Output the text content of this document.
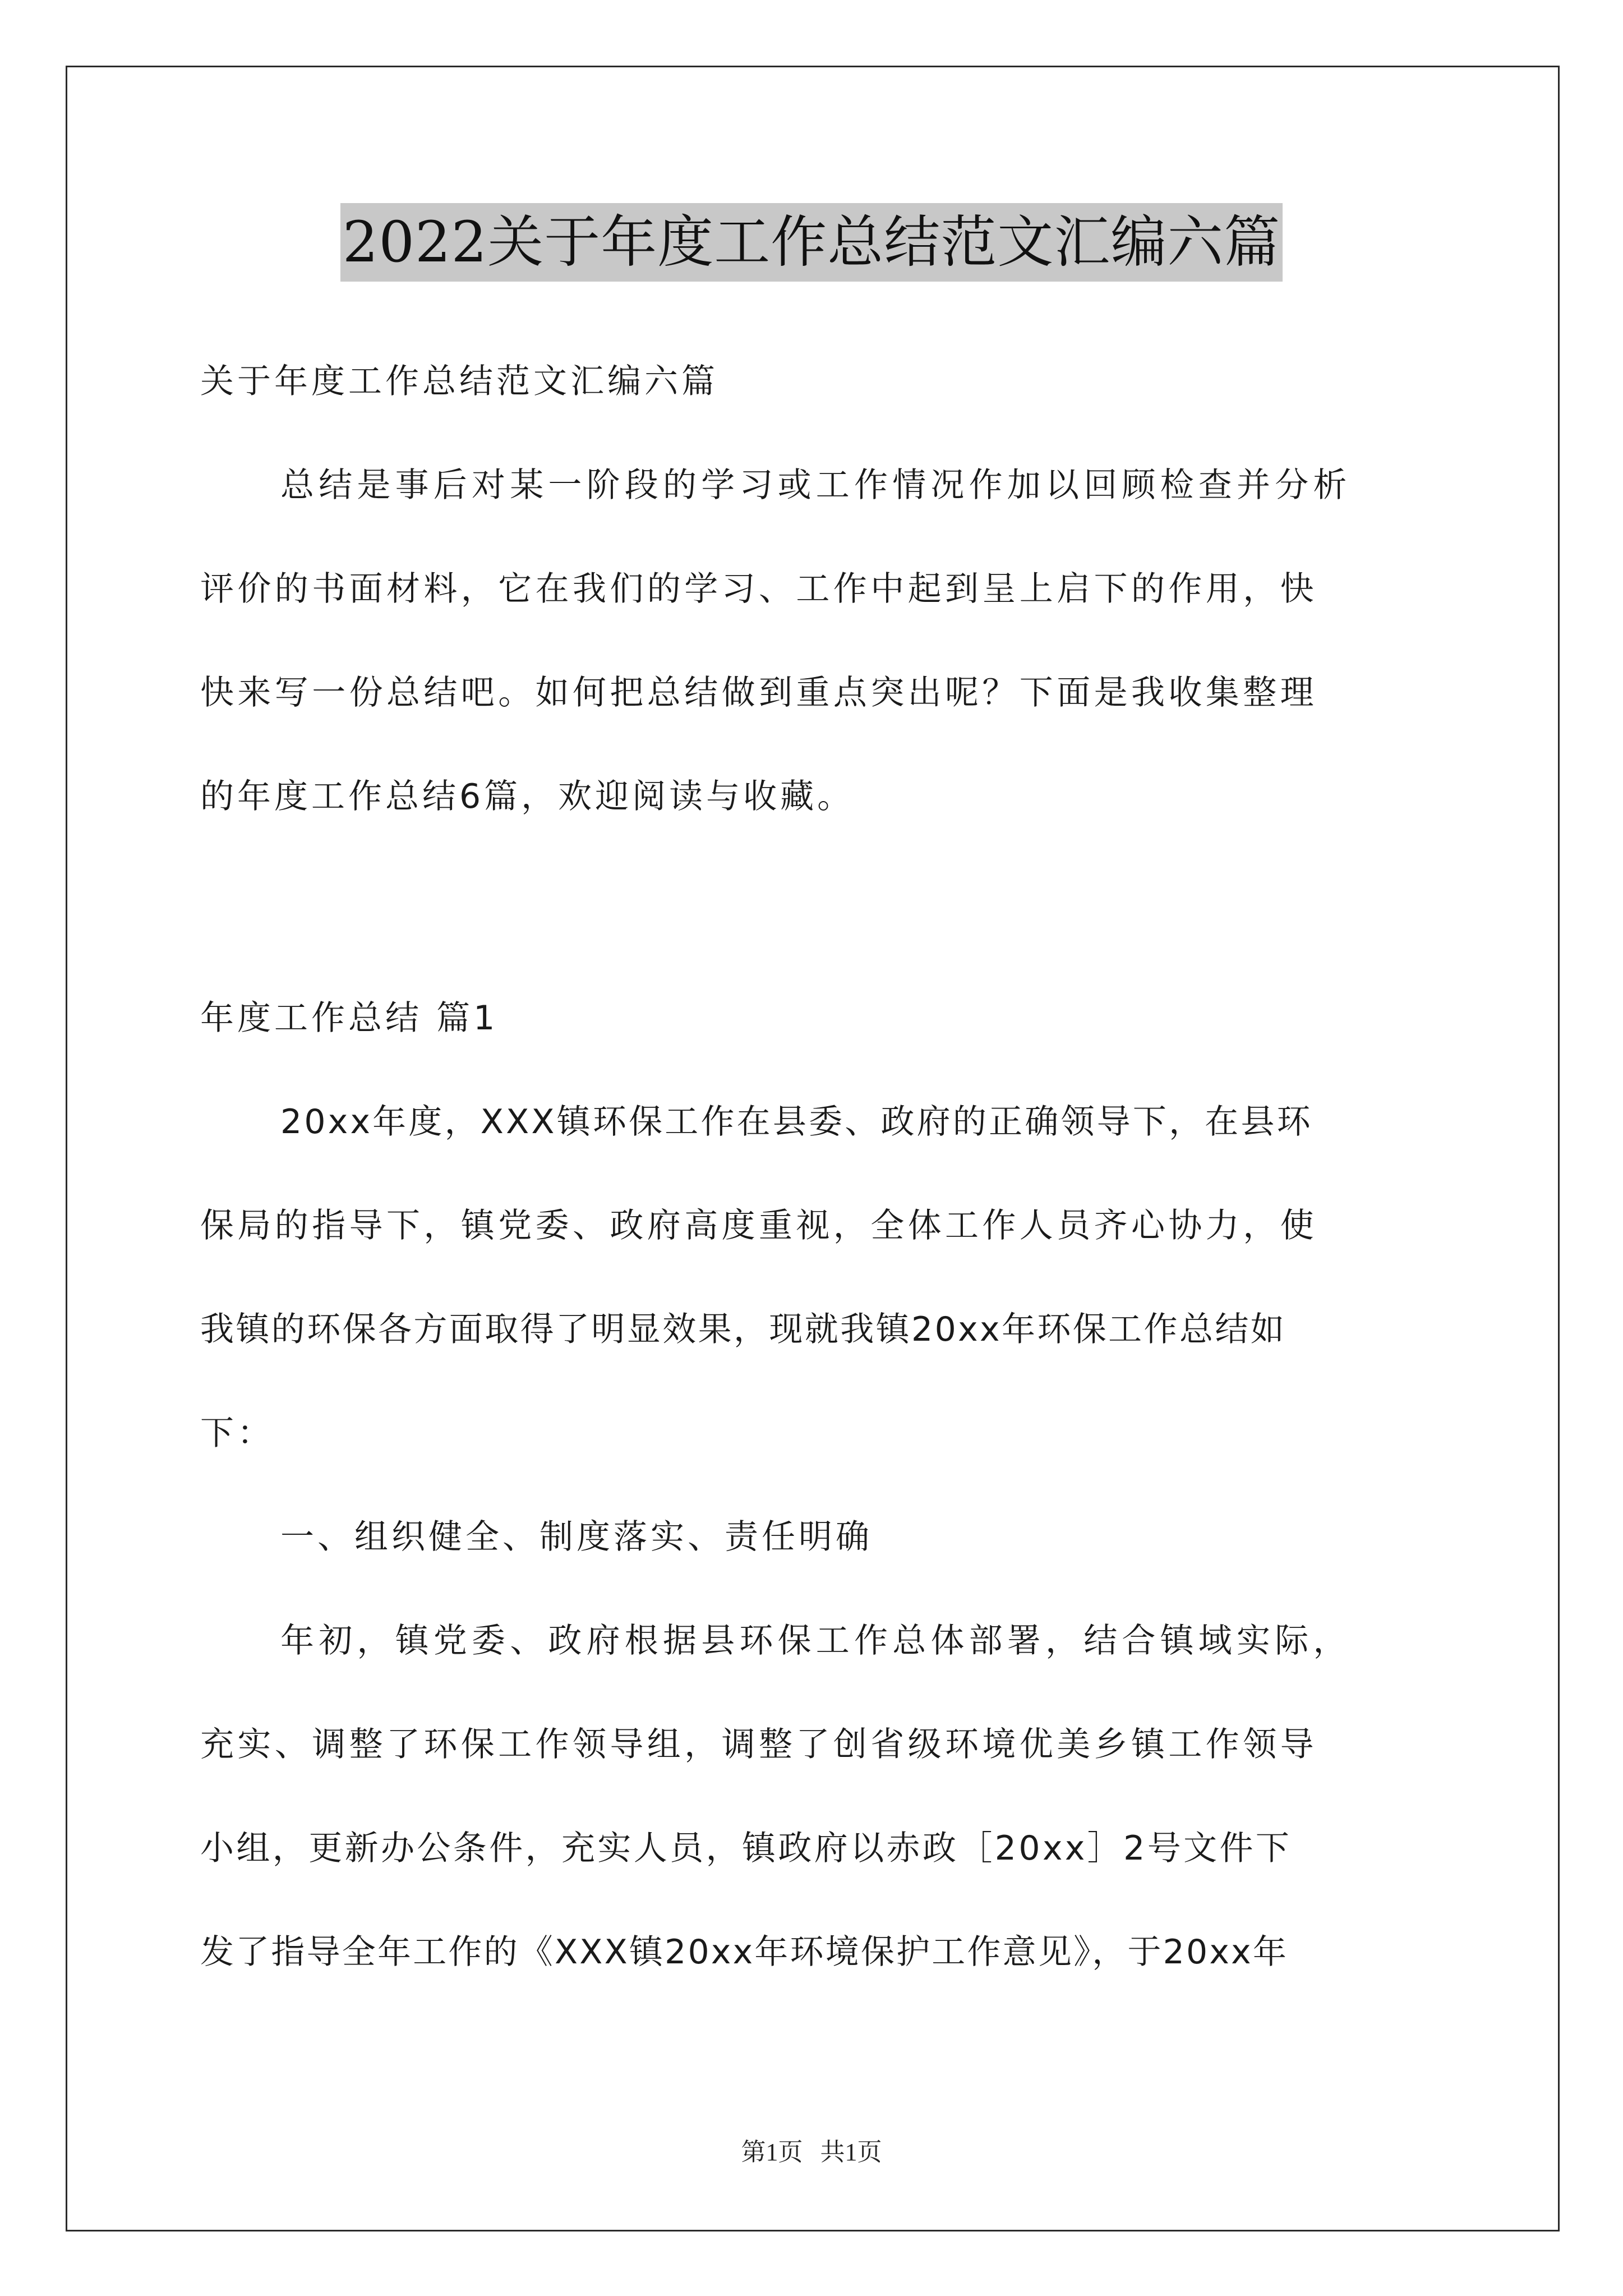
2022关于年度工作总结范文汇编六篇
关于年度工作总结范文汇编六篇
总结是事后对某一阶段的学习或工作情况作加以回顾检查并分析
评价的书面材料，它在我们的学习、工作中起到呈上启下的作用，快
快来写一份总结吧。如何把总结做到重点突出呢？下面是我收集整理
的年度工作总结6篇，欢迎阅读与收藏。
年度工作总结 篇1
20xx年度，XXX镇环保工作在县委、政府的正确领导下，在县环
保局的指导下，镇党委、政府高度重视，全体工作人员齐心协力，使
我镇的环保各方面取得了明显效果，现就我镇20xx年环保工作总结如
下：
一、组织健全、制度落实、责任明确
年初，镇党委、政府根据县环保工作总体部署，结合镇域实际，
充实、调整了环保工作领导组，调整了创省级环境优美乡镇工作领导
小组，更新办公条件，充实人员，镇政府以赤政［20xx］2号文件下
发了指导全年工作的《XXX镇20xx年环境保护工作意见》，于20xx年
第1页 共1页
